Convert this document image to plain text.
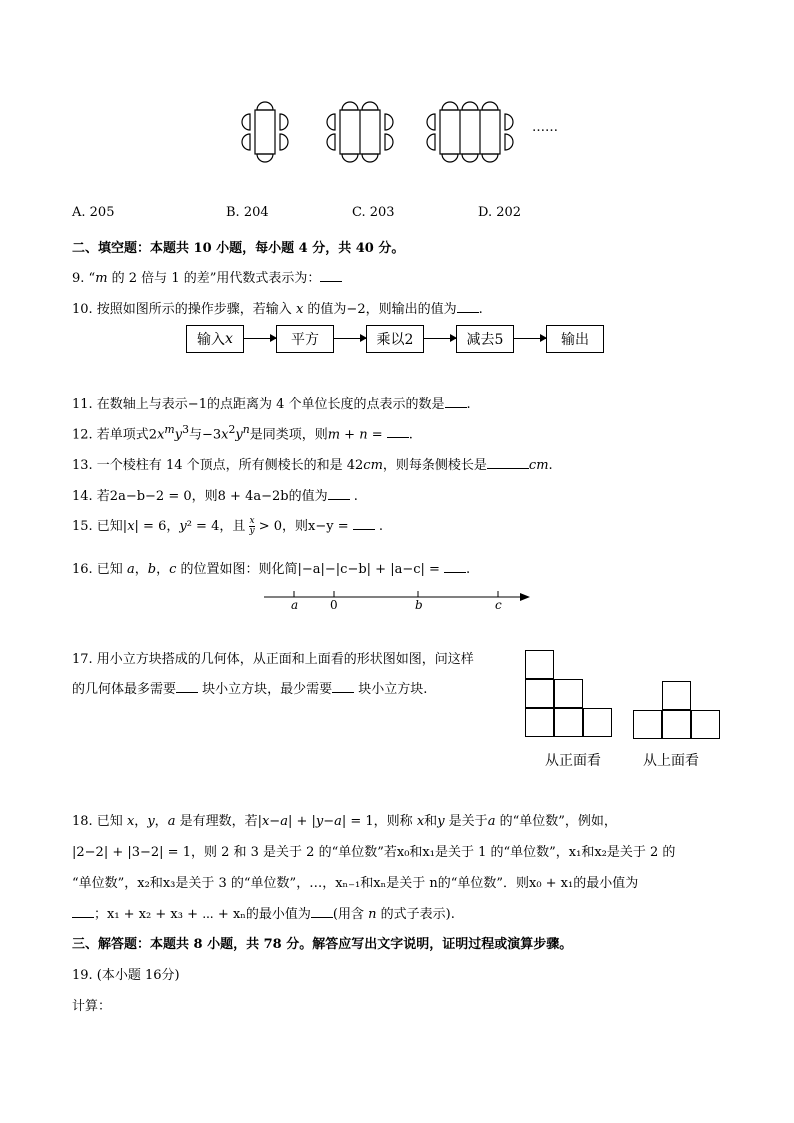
……
A. 205	B. 204	C. 203	D. 202
二、填空题：本题共 10 小题，每小题 4 分，共 40 分。
9. “m 的 2 倍与 1 的差”用代数式表示为：
10. 按照如图所示的操作步骤，若输入 x 的值为−2，则输出的值为 .
输入 x	平方	乘以2	减去5	输出
11. 在数轴上与表示−1的点距离为 4 个单位长度的点表示的数是 .
12. 若单项式$2x^my^3$与$-3x^2y^n$是同类项，则m + n = .
13. 一个棱柱有 14 个顶点，所有侧棱长的和是 42cm，则每条侧棱长是	cm.
14. 若2a−b−2 = 0，则8 + 4a−2b的值为 .
15. 已知|x| = 6，y² = 4，且 $\frac{x}{y} > 0$，则x−y =  .
16. 已知 a，b，c 的位置如图：则化简|−a|−|c−b| + |a−c| = .
a	0	b	c
17. 用小立方块搭成的几何体，从正面和上面看的形状图如图，问这样
的几何体最多需要 块小立方块，最少需要 块小立方块.
从正面看	从上面看
18. 已知 x，y，a 是有理数，若|x−a| + |y−a| = 1，则称 x和y 是关于a 的“单位数”，例如，
|2−2| + |3−2| = 1，则 2 和 3 是关于 2 的“单位数”若x₀和x₁是关于 1 的“单位数”，x₁和x₂是关于 2 的
“单位数”，x₂和x₃是关于 3 的“单位数”，…，xₙ₋₁和xₙ是关于 n的“单位数”．则x₀ + x₁的最小值为
；x₁ + x₂ + x₃ + ⋯ + xₙ的最小值为 (用含 n 的式子表示).
三、解答题：本题共 8 小题，共 78 分。解答应写出文字说明，证明过程或演算步骤。
19. (本小题 16分)
计算：
